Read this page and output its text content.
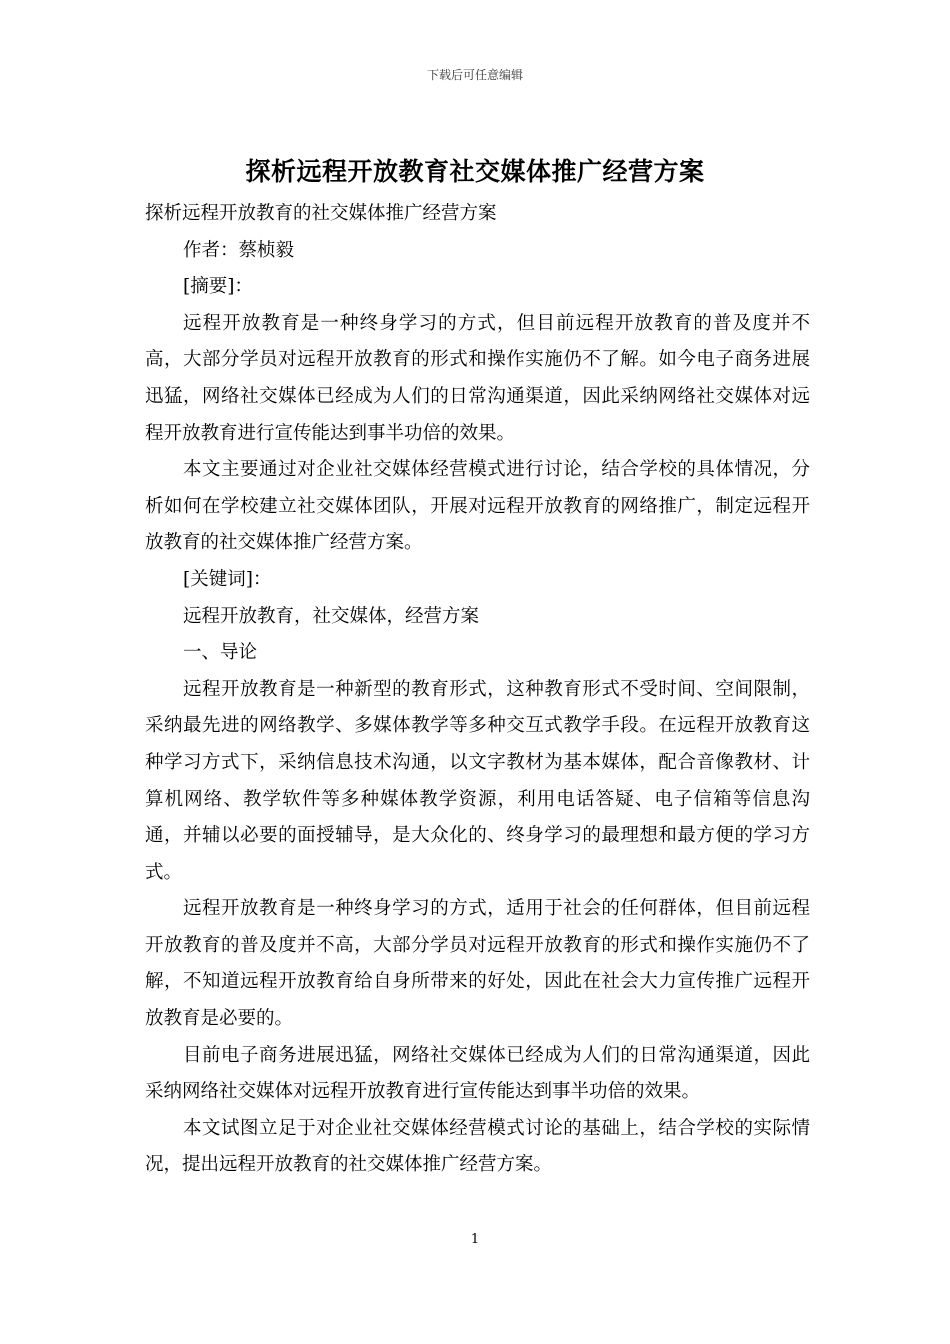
下载后可任意编辑
探析远程开放教育社交媒体推广经营方案

探析远程开放教育的社交媒体推广经营方案

作者：蔡桢毅

[摘要]：

远程开放教育是一种终身学习的方式，但目前远程开放教育的普及度并不高，大部分学员对远程开放教育的形式和操作实施仍不了解。如今电子商务进展迅猛，网络社交媒体已经成为人们的日常沟通渠道，因此采纳网络社交媒体对远程开放教育进行宣传能达到事半功倍的效果。

本文主要通过对企业社交媒体经营模式进行讨论，结合学校的具体情况，分析如何在学校建立社交媒体团队，开展对远程开放教育的网络推广，制定远程开放教育的社交媒体推广经营方案。

[关键词]：

远程开放教育，社交媒体，经营方案

一、导论

远程开放教育是一种新型的教育形式，这种教育形式不受时间、空间限制，采纳最先进的网络教学、多媒体教学等多种交互式教学手段。在远程开放教育这种学习方式下，采纳信息技术沟通，以文字教材为基本媒体，配合音像教材、计算机网络、教学软件等多种媒体教学资源，利用电话答疑、电子信箱等信息沟通，并辅以必要的面授辅导，是大众化的、终身学习的最理想和最方便的学习方式。

远程开放教育是一种终身学习的方式，适用于社会的任何群体，但目前远程开放教育的普及度并不高，大部分学员对远程开放教育的形式和操作实施仍不了解，不知道远程开放教育给自身所带来的好处，因此在社会大力宣传推广远程开放教育是必要的。

目前电子商务进展迅猛，网络社交媒体已经成为人们的日常沟通渠道，因此采纳网络社交媒体对远程开放教育进行宣传能达到事半功倍的效果。

本文试图立足于对企业社交媒体经营模式讨论的基础上，结合学校的实际情况，提出远程开放教育的社交媒体推广经营方案。

1
